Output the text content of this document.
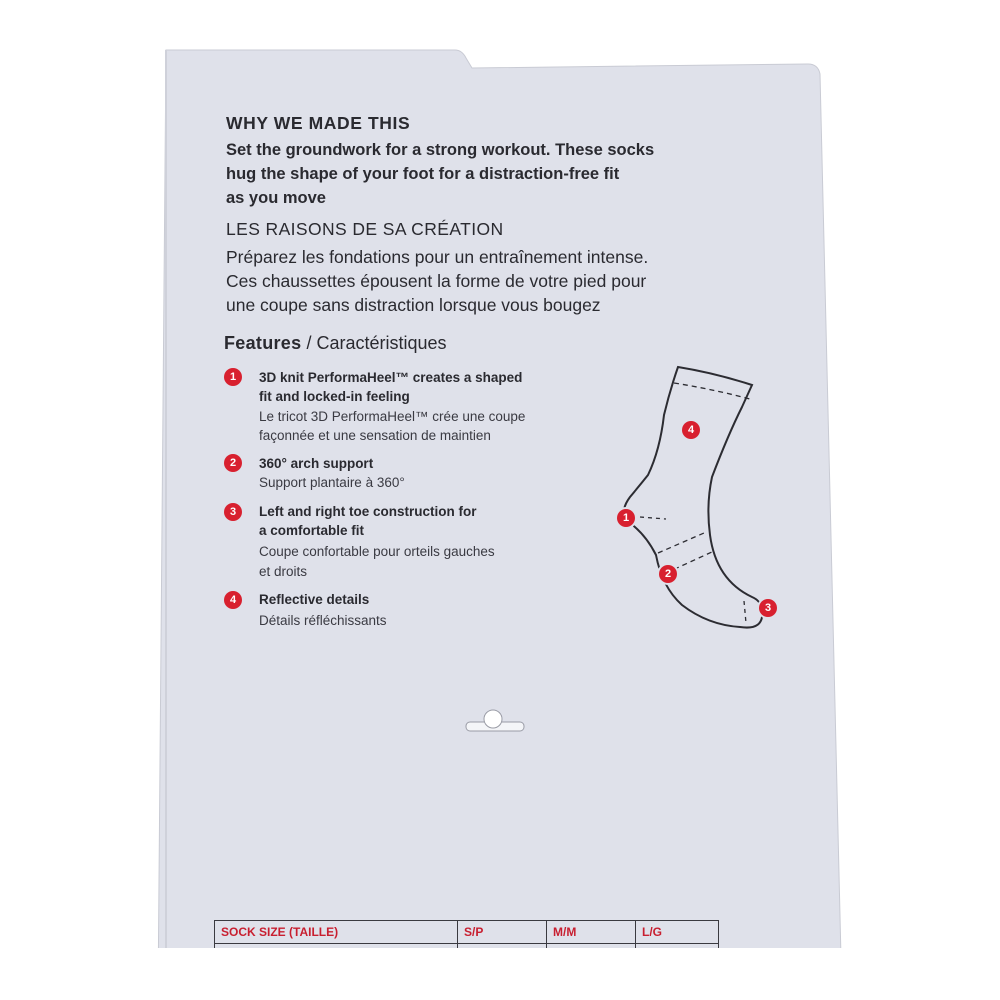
WHY WE MADE THIS
Set the groundwork for a strong workout. These socks
hug the shape of your foot for a distraction-free fit
as you move
LES RAISONS DE SA CRÉATION
Préparez les fondations pour un entraînement intense.
Ces chaussettes épousent la forme de votre pied pour
une coupe sans distraction lorsque vous bougez
Features / Caractéristiques
1	3D knit PerformaHeel™ creates a shaped
fit and locked-in feeling
Le tricot 3D PerformaHeel™ crée une coupe
façonnée et une sensation de maintien
2	360° arch support
Support plantaire à 360°
3	Left and right toe construction for
a comfortable fit
Coupe confortable pour orteils gauches
et droits
4	Reflective details
Détails réfléchissants
4
1
2
3
SOCK SIZE (TAILLE)	S/P	M/M	L/G
